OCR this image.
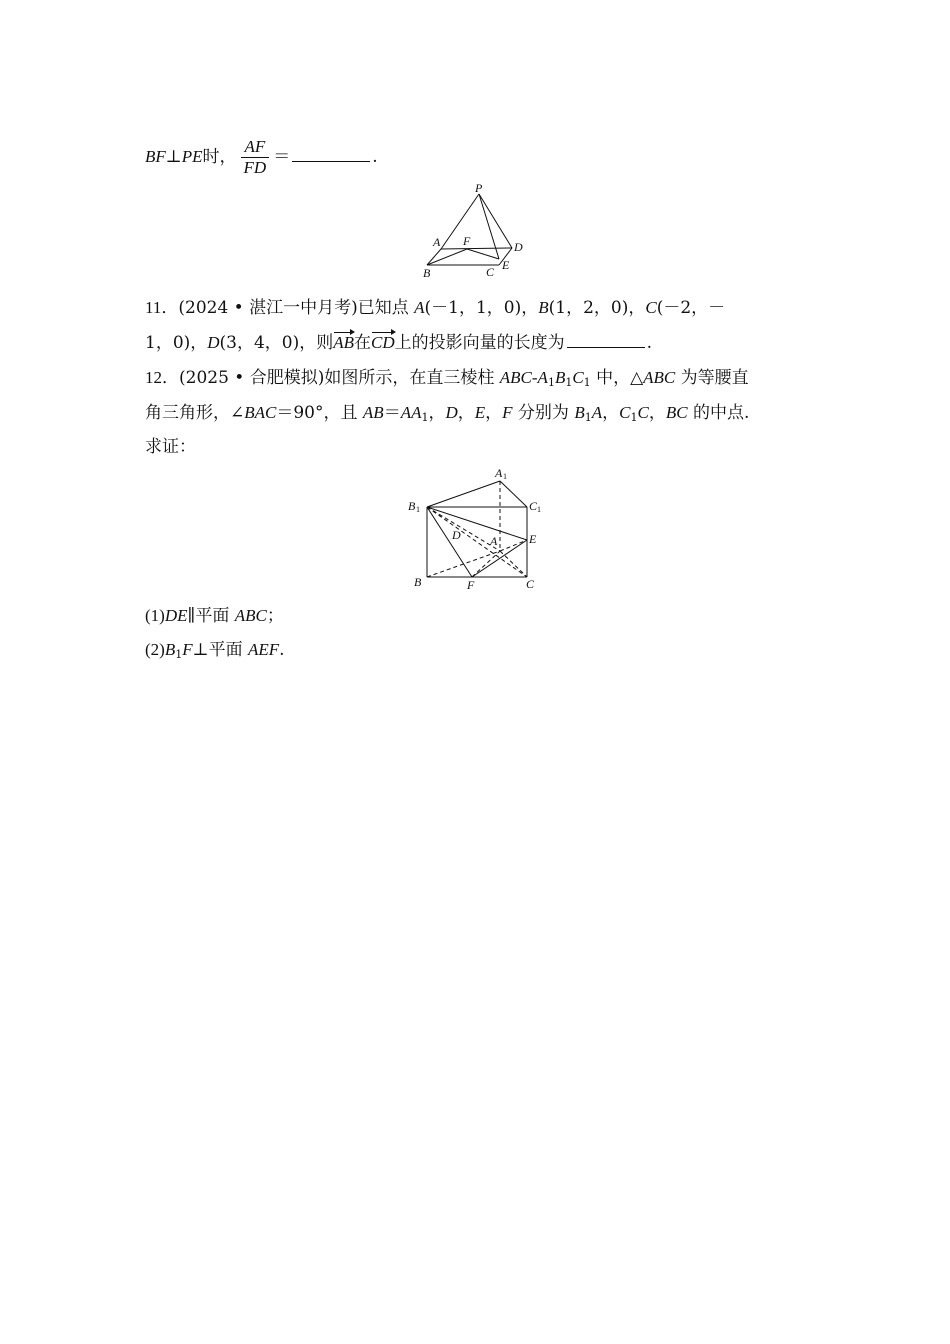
BF⊥PE时， $\frac{AF}{FD}$ ＝	.
P
A F	D
B	C E
11．(2024 • 湛江一中月考)已知点 A(－1，1，0)，B(1，2，0)，C(－2，－
1，0)，D(3，4，0)，则AB在CD上的投影向量的长度为	.
12．(2025 • 合肥模拟)如图所示，在直三棱柱 ABC-$A_1B_1C_1$ 中，△ABC 为等腰直
角三角形，∠BAC＝90°，且 $AB=AA_1$，D，E，F 分别为 $B_1A$，$C_1C$，BC 的中点.
求证：
A 1
B 1	C 1
D A	E
B	F	C
(1)DE∥平面 ABC；
$(2)B_1F\perp$平面 AEF.
